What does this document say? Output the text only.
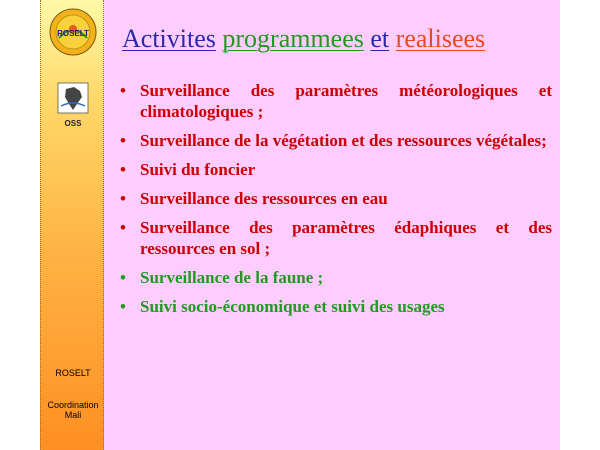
ROSELT
OSS
ROSELT
Coordination
Mali
Activites programmees et realisees
• Surveillance des paramètres météorologiques et climatologiques ;
• Surveillance de la végétation et des ressources végétales;
• Suivi du foncier
• Surveillance des ressources en eau
• Surveillance des paramètres édaphiques et des ressources en sol ;
• Surveillance de la faune ;
• Suivi socio-économique et suivi des usages
